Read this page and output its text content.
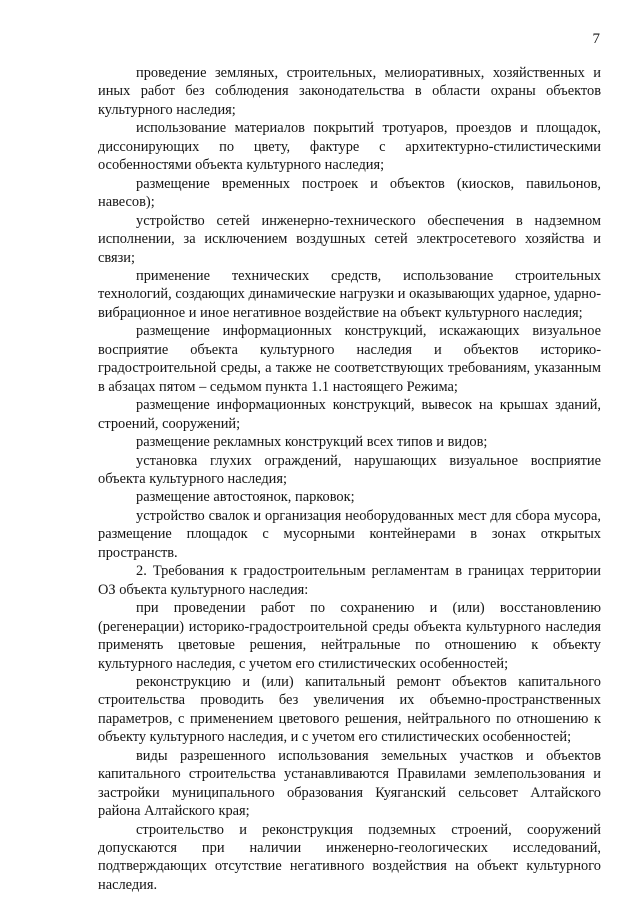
7

проведение земляных, строительных, мелиоративных, хозяйственных и иных работ без соблюдения законодательства в области охраны объектов культурного наследия;

использование материалов покрытий тротуаров, проездов и площадок, диссонирующих по цвету, фактуре с архитектурно-стилистическими особенностями объекта культурного наследия;

размещение временных построек и объектов (киосков, павильонов, навесов);

устройство сетей инженерно-технического обеспечения в надземном исполнении, за исключением воздушных сетей электросетевого хозяйства и связи;

применение технических средств, использование строительных технологий, создающих динамические нагрузки и оказывающих ударное, ударно-вибрационное и иное негативное воздействие на объект культурного наследия;

размещение информационных конструкций, искажающих визуальное восприятие объекта культурного наследия и объектов историко-градостроительной среды, а также не соответствующих требованиям, указанным в абзацах пятом – седьмом пункта 1.1 настоящего Режима;

размещение информационных конструкций, вывесок на крышах зданий, строений, сооружений;

размещение рекламных конструкций всех типов и видов;

установка глухих ограждений, нарушающих визуальное восприятие объекта культурного наследия;

размещение автостоянок, парковок;

устройство свалок и организация необорудованных мест для сбора мусора, размещение площадок с мусорными контейнерами в зонах открытых пространств.

2. Требования к градостроительным регламентам в границах территории ОЗ объекта культурного наследия:

при проведении работ по сохранению и (или) восстановлению (регенерации) историко-градостроительной среды объекта культурного наследия применять цветовые решения, нейтральные по отношению к объекту культурного наследия, с учетом его стилистических особенностей;

реконструкцию и (или) капитальный ремонт объектов капитального строительства проводить без увеличения их объемно-пространственных параметров, с применением цветового решения, нейтрального по отношению к объекту культурного наследия, и с учетом его стилистических особенностей;

виды разрешенного использования земельных участков и объектов капитального строительства устанавливаются Правилами землепользования и застройки муниципального образования Куяганский сельсовет Алтайского района Алтайского края;

строительство и реконструкция подземных строений, сооружений допускаются при наличии инженерно-геологических исследований, подтверждающих отсутствие негативного воздействия на объект культурного наследия.
